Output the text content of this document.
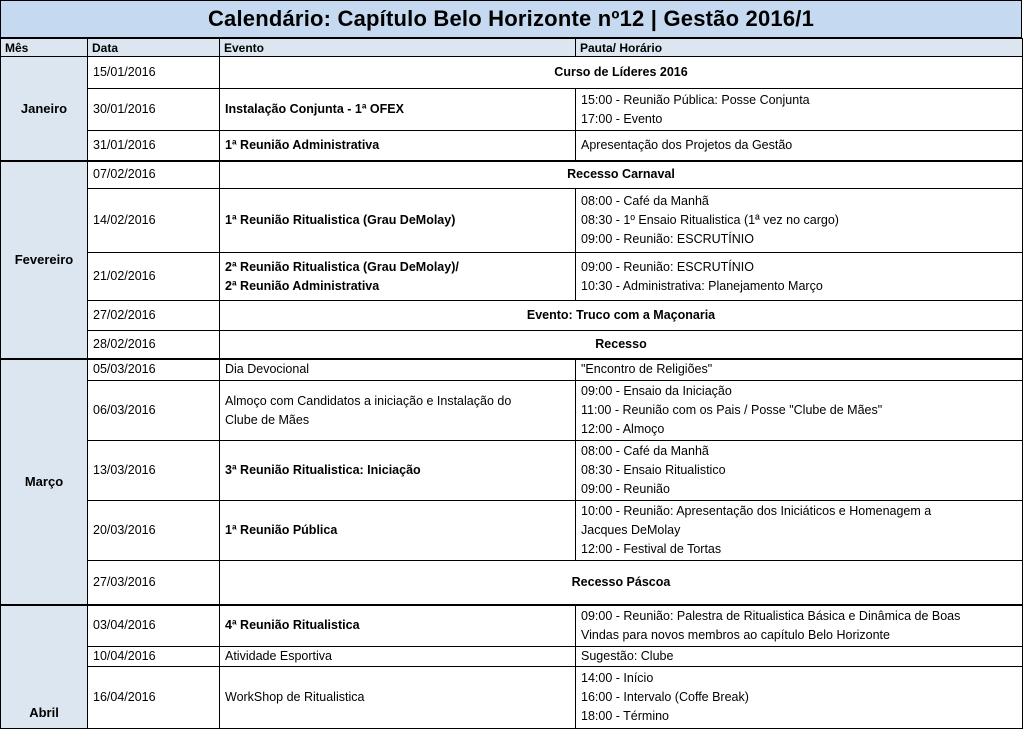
Calendário: Capítulo Belo Horizonte nº12 | Gestão 2016/1
Mês	Data	Evento	Pauta/ Horário
Janeiro	15/01/2016	Curso de Líderes 2016	
	30/01/2016	Instalação Conjunta - 1ª OFEX	15:00 - Reunião Pública: Posse Conjunta
17:00 - Evento

	31/01/2016	1ª Reunião Administrativa	Apresentação dos Projetos da Gestão

Fevereiro	07/02/2016	Recesso Carnaval	
	14/02/2016	1ª Reunião Ritualistica (Grau DeMolay)	08:00 - Café da Manhã
08:30 - 1º Ensaio Ritualistica (1ª vez no cargo)
09:00 - Reunião: ESCRUTÍNIO

	21/02/2016	2ª Reunião Ritualistica (Grau DeMolay)/
2ª Reunião Administrativa	09:00 - Reunião: ESCRUTÍNIO
10:30 - Administrativa: Planejamento Março

	27/02/2016	Evento: Truco com a Maçonaria	
	28/02/2016	Recesso	
Março	05/03/2016	Dia Devocional	"Encontro de Religiões"

	06/03/2016	Almoço com Candidatos a iniciação e Instalação do
Clube de Mães	09:00 - Ensaio da Iniciação
11:00 - Reunião com os Pais / Posse "Clube de Mães"
12:00 - Almoço

	13/03/2016	3ª Reunião Ritualistica: Iniciação	08:00 - Café da Manhã
08:30 - Ensaio Ritualistico
09:00 - Reunião

	20/03/2016	1ª Reunião Pública	10:00 - Reunião: Apresentação dos Iniciáticos e Homenagem a
Jacques DeMolay
12:00 - Festival de Tortas

	27/03/2016	Recesso Páscoa	
Abril	03/04/2016	4ª Reunião Ritualistica	09:00 - Reunião: Palestra de Ritualistica Básica e Dinâmica de Boas
Vindas para novos membros ao capítulo Belo Horizonte

	10/04/2016	Atividade Esportiva	Sugestão: Clube

	16/04/2016	WorkShop de Ritualistica	14:00 - Início
16:00 - Intervalo (Coffe Break)
18:00 - Término
